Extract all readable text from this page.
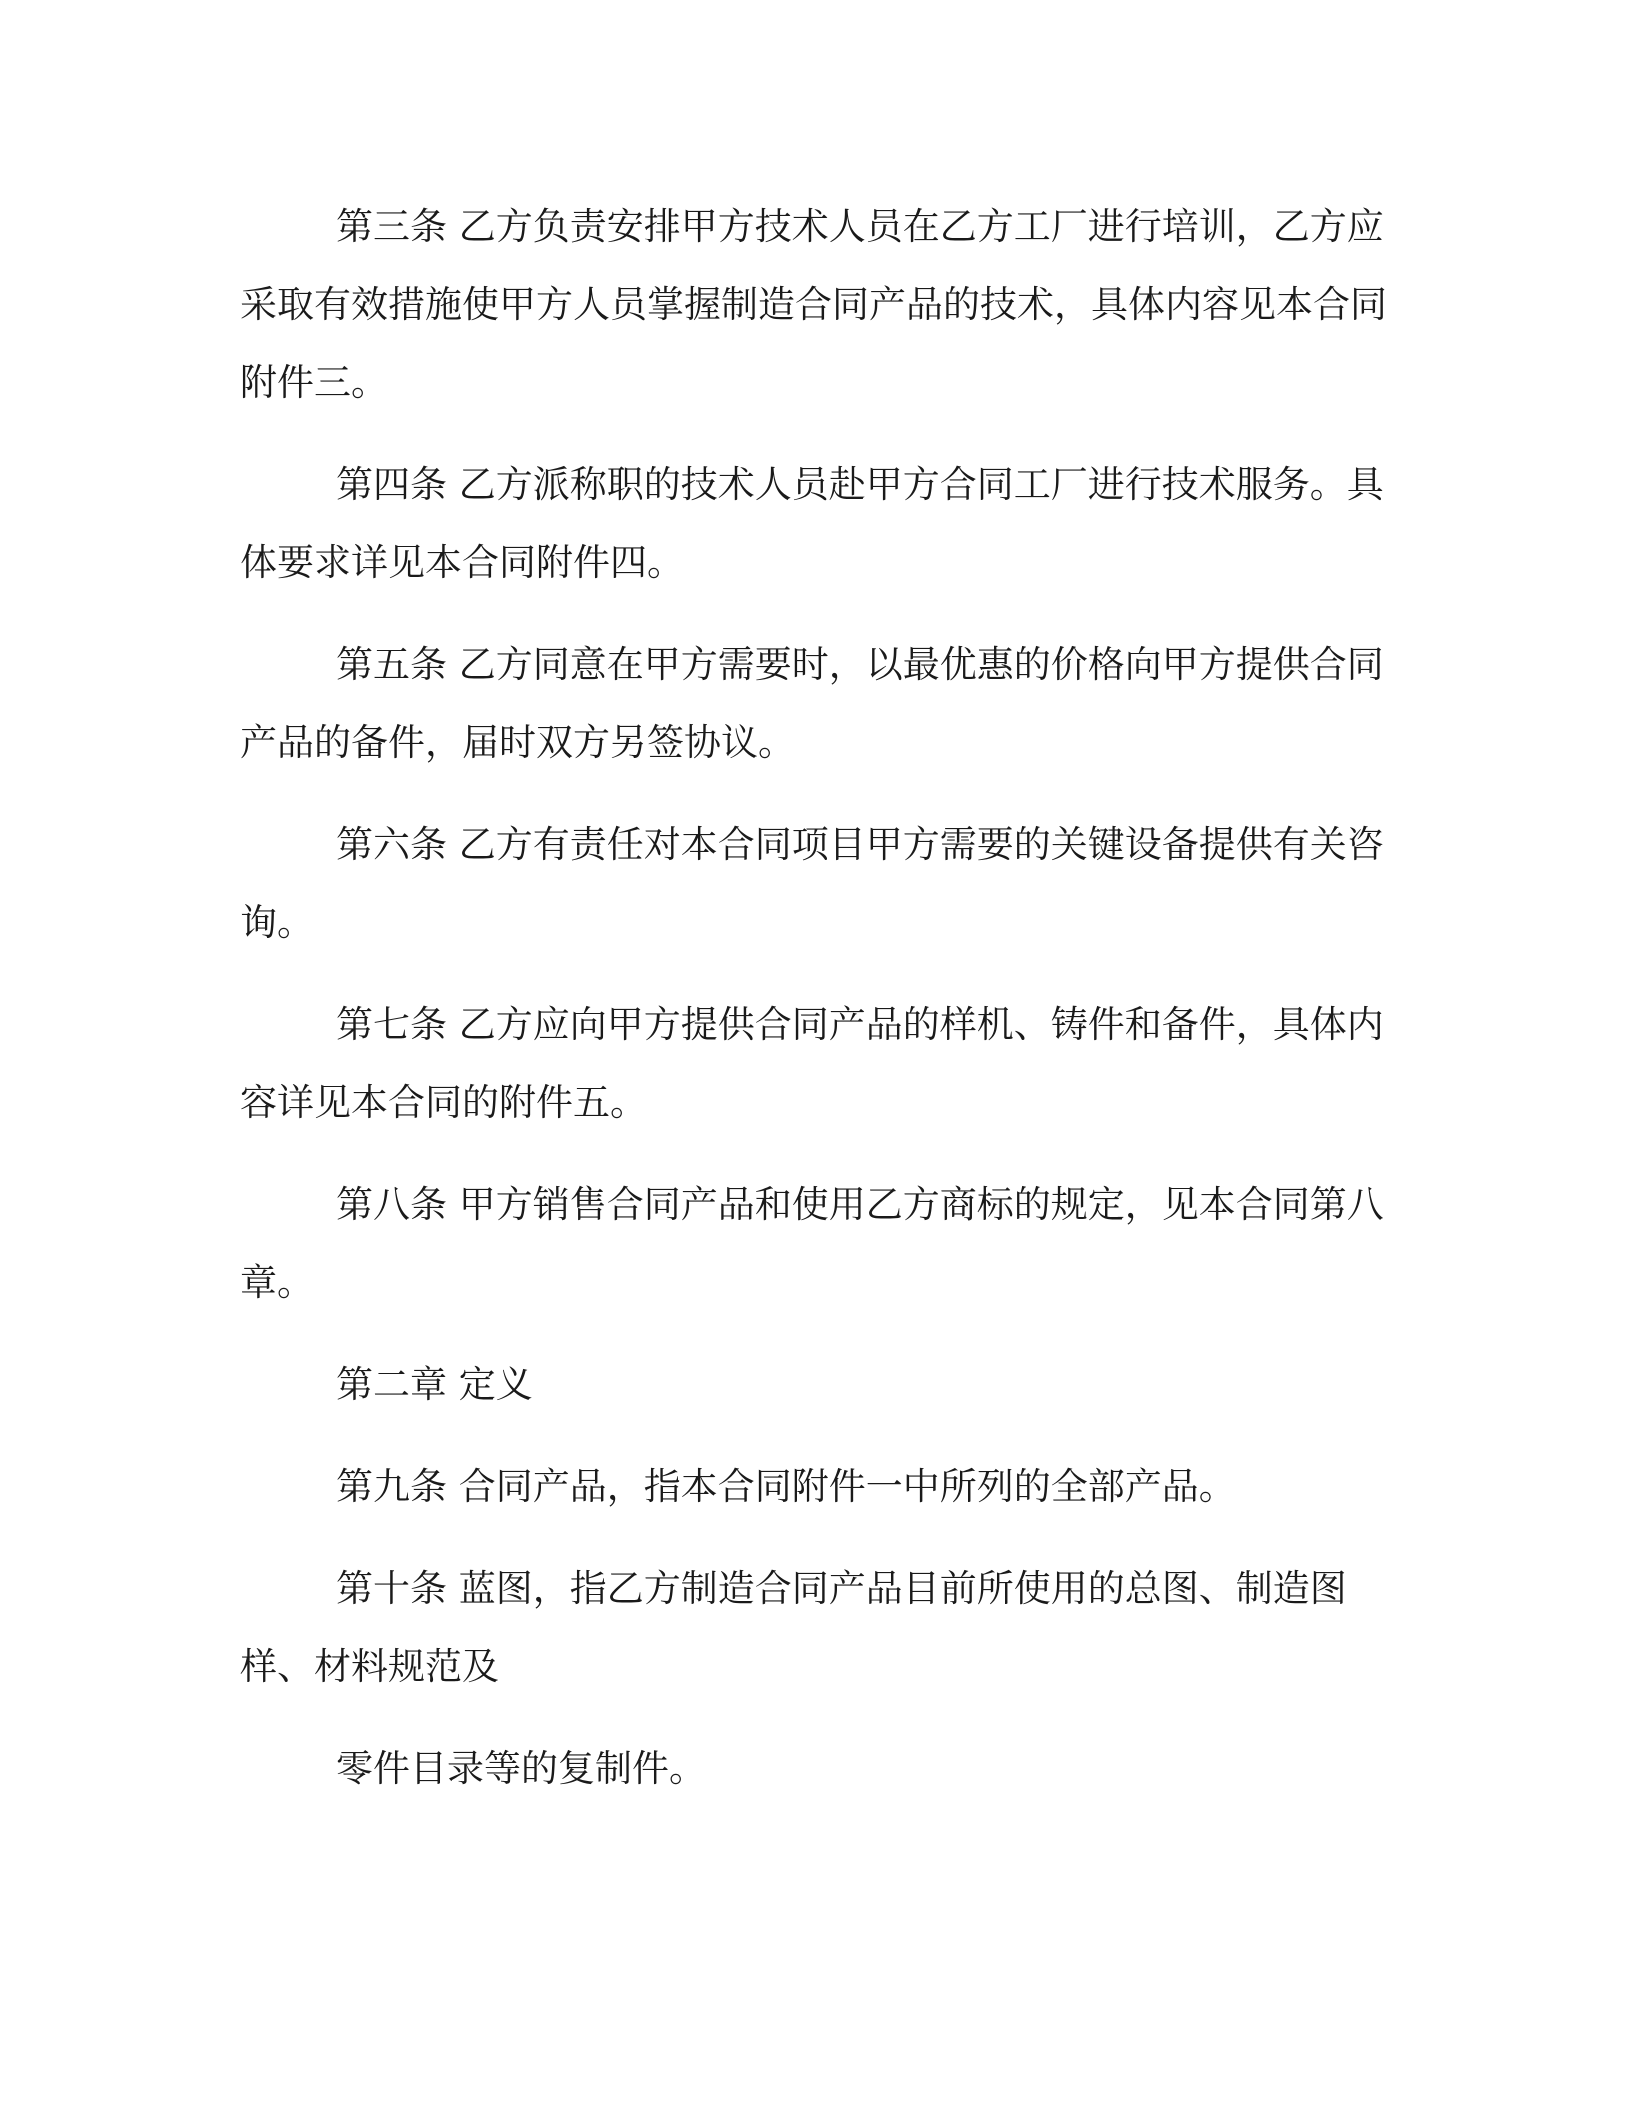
第三条 乙方负责安排甲方技术人员在乙方工厂进行培训，乙方应采取有效措施使甲方人员掌握制造合同产品的技术，具体内容见本合同附件三。

第四条 乙方派称职的技术人员赴甲方合同工厂进行技术服务。具体要求详见本合同附件四。

第五条 乙方同意在甲方需要时，以最优惠的价格向甲方提供合同产品的备件，届时双方另签协议。

第六条 乙方有责任对本合同项目甲方需要的关键设备提供有关咨询。

第七条 乙方应向甲方提供合同产品的样机、铸件和备件，具体内容详见本合同的附件五。

第八条 甲方销售合同产品和使用乙方商标的规定，见本合同第八章。

第二章 定义

第九条 合同产品，指本合同附件一中所列的全部产品。

第十条 蓝图，指乙方制造合同产品目前所使用的总图、制造图样、材料规范及

零件目录等的复制件。
